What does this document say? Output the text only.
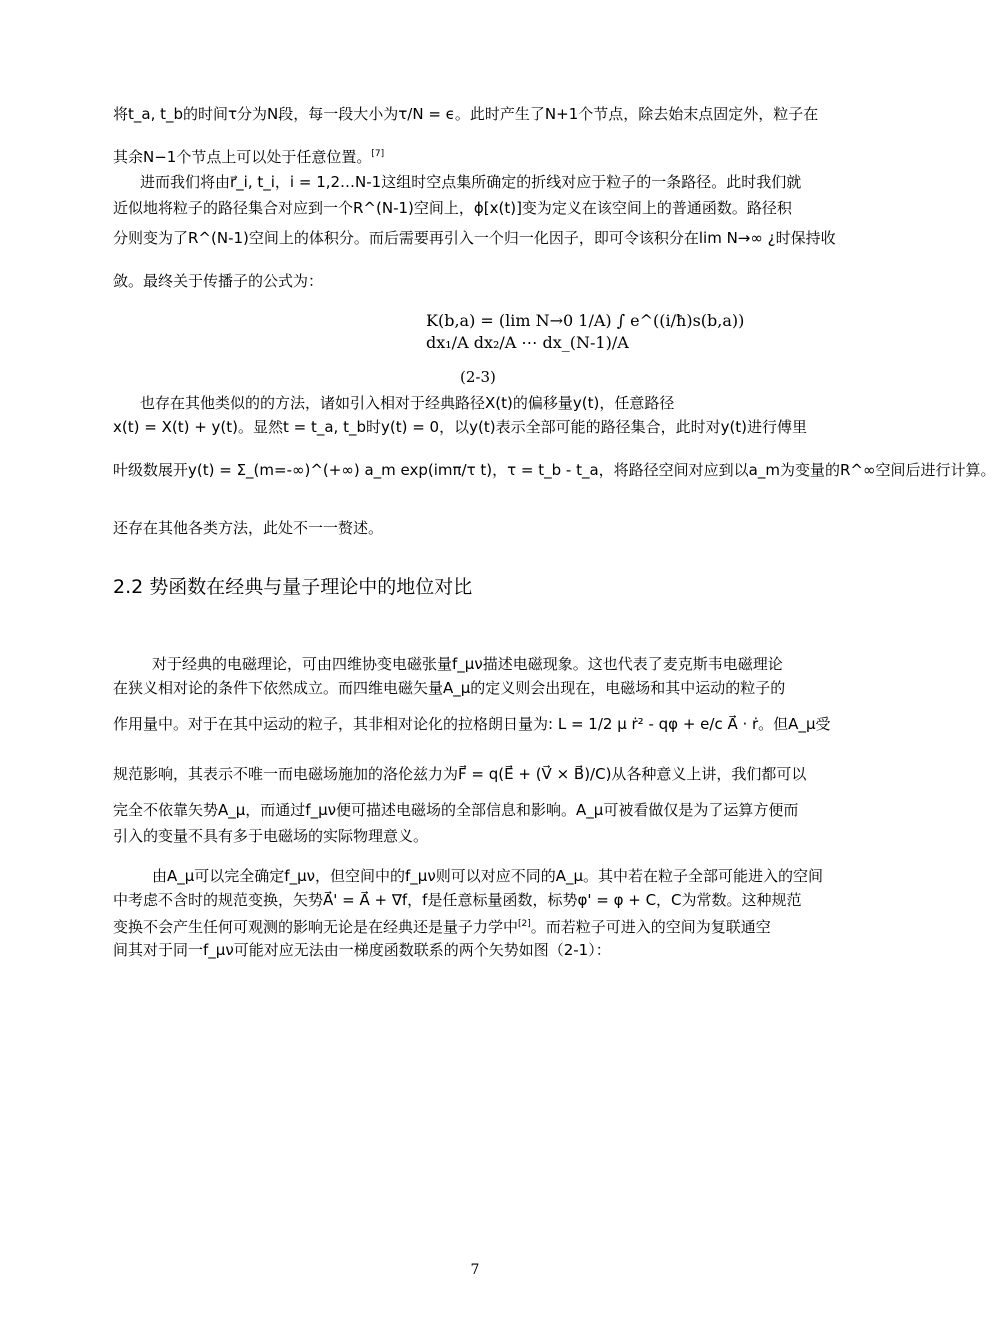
将t_a, t_b的时间τ分为N段，每一段大小为τ/N = ϵ。此时产生了N+1个节点，除去始末点固定外，粒子在
其余N−1个节点上可以处于任意位置。[7]
进而我们将由r⃗_i, t_i，i = 1,2…N-1这组时空点集所确定的折线对应于粒子的一条路径。此时我们就
近似地将粒子的路径集合对应到一个R^(N-1)空间上，ϕ[x(t)]变为定义在该空间上的普通函数。路径积
分则变为了R^(N-1)空间上的体积分。而后需要再引入一个归一化因子，即可令该积分在lim N→∞ ¿时保持收
敛。最终关于传播子的公式为：
K(b,a) = (lim N→0 1/A) ∫ e^((i/ħ)s(b,a)) dx₁/A dx₂/A ⋯ dx_(N-1)/A
(2-3)
也存在其他类似的的方法，诸如引入相对于经典路径X(t)的偏移量y(t)，任意路径
x(t) = X(t) + y(t)。显然t = t_a, t_b时y(t) = 0，以y(t)表示全部可能的路径集合，此时对y(t)进行傅里
叶级数展开y(t) = Σ_(m=-∞)^(+∞) a_m exp(imπ/τ t)，τ = t_b - t_a，将路径空间对应到以a_m为变量的R^∞空间后进行计算。
还存在其他各类方法，此处不一一赘述。
2.2 势函数在经典与量子理论中的地位对比
对于经典的电磁理论，可由四维协变电磁张量f_μν描述电磁现象。这也代表了麦克斯韦电磁理论
在狭义相对论的条件下依然成立。而四维电磁矢量A_μ的定义则会出现在，电磁场和其中运动的粒子的
作用量中。对于在其中运动的粒子，其非相对论化的拉格朗日量为: L = 1/2 μ ṙ² - qφ + e/c A⃗ · ṙ。但A_μ受
规范影响，其表示不唯一而电磁场施加的洛伦兹力为F⃗ = q(E⃗ + (V⃗ × B⃗)/C)从各种意义上讲，我们都可以
完全不依靠矢势A_μ，而通过f_μν便可描述电磁场的全部信息和影响。A_μ可被看做仅是为了运算方便而
引入的变量不具有多于电磁场的实际物理意义。
由A_μ可以完全确定f_μν，但空间中的f_μν则可以对应不同的A_μ。其中若在粒子全部可能进入的空间
中考虑不含时的规范变换，矢势A⃗' = A⃗ + ∇f，f是任意标量函数，标势φ' = φ + C，C为常数。这种规范
变换不会产生任何可观测的影响无论是在经典还是量子力学中[2]。而若粒子可进入的空间为复联通空
间其对于同一f_μν可能对应无法由一梯度函数联系的两个矢势如图（2-1）：
7
